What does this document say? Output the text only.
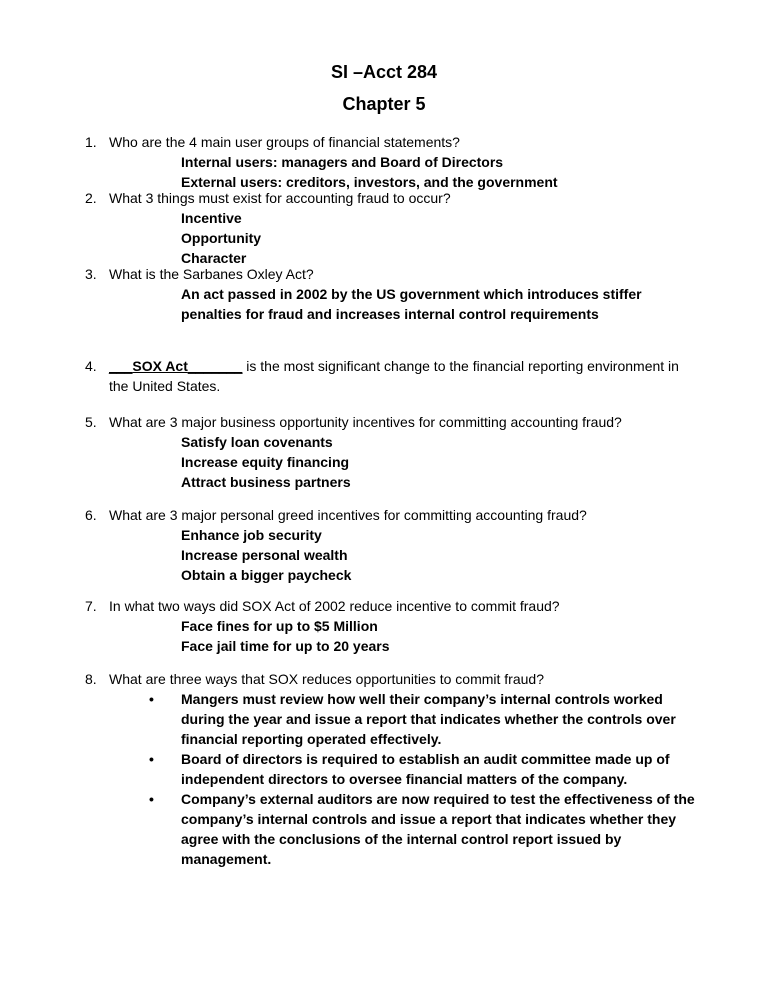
SI –Acct 284
Chapter 5
1. Who are the 4 main user groups of financial statements?
Internal users: managers and Board of Directors
External users: creditors, investors, and the government
2. What 3 things must exist for accounting fraud to occur?
Incentive
Opportunity
Character
3. What is the Sarbanes Oxley Act?
An act passed in 2002 by the US government which introduces stiffer penalties for fraud and increases internal control requirements
4. ___SOX Act_______ is the most significant change to the financial reporting environment in the United States.
5. What are 3 major business opportunity incentives for committing accounting fraud?
Satisfy loan covenants
Increase equity financing
Attract business partners
6. What are 3 major personal greed incentives for committing accounting fraud?
Enhance job security
Increase personal wealth
Obtain a bigger paycheck
7. In what two ways did SOX Act of 2002 reduce incentive to commit fraud?
Face fines for up to $5 Million
Face jail time for up to 20 years
8. What are three ways that SOX reduces opportunities to commit fraud?
• Mangers must review how well their company’s internal controls worked during the year and issue a report that indicates whether the controls over financial reporting operated effectively.
• Board of directors is required to establish an audit committee made up of independent directors to oversee financial matters of the company.
• Company’s external auditors are now required to test the effectiveness of the company’s internal controls and issue a report that indicates whether they agree with the conclusions of the internal control report issued by management.
